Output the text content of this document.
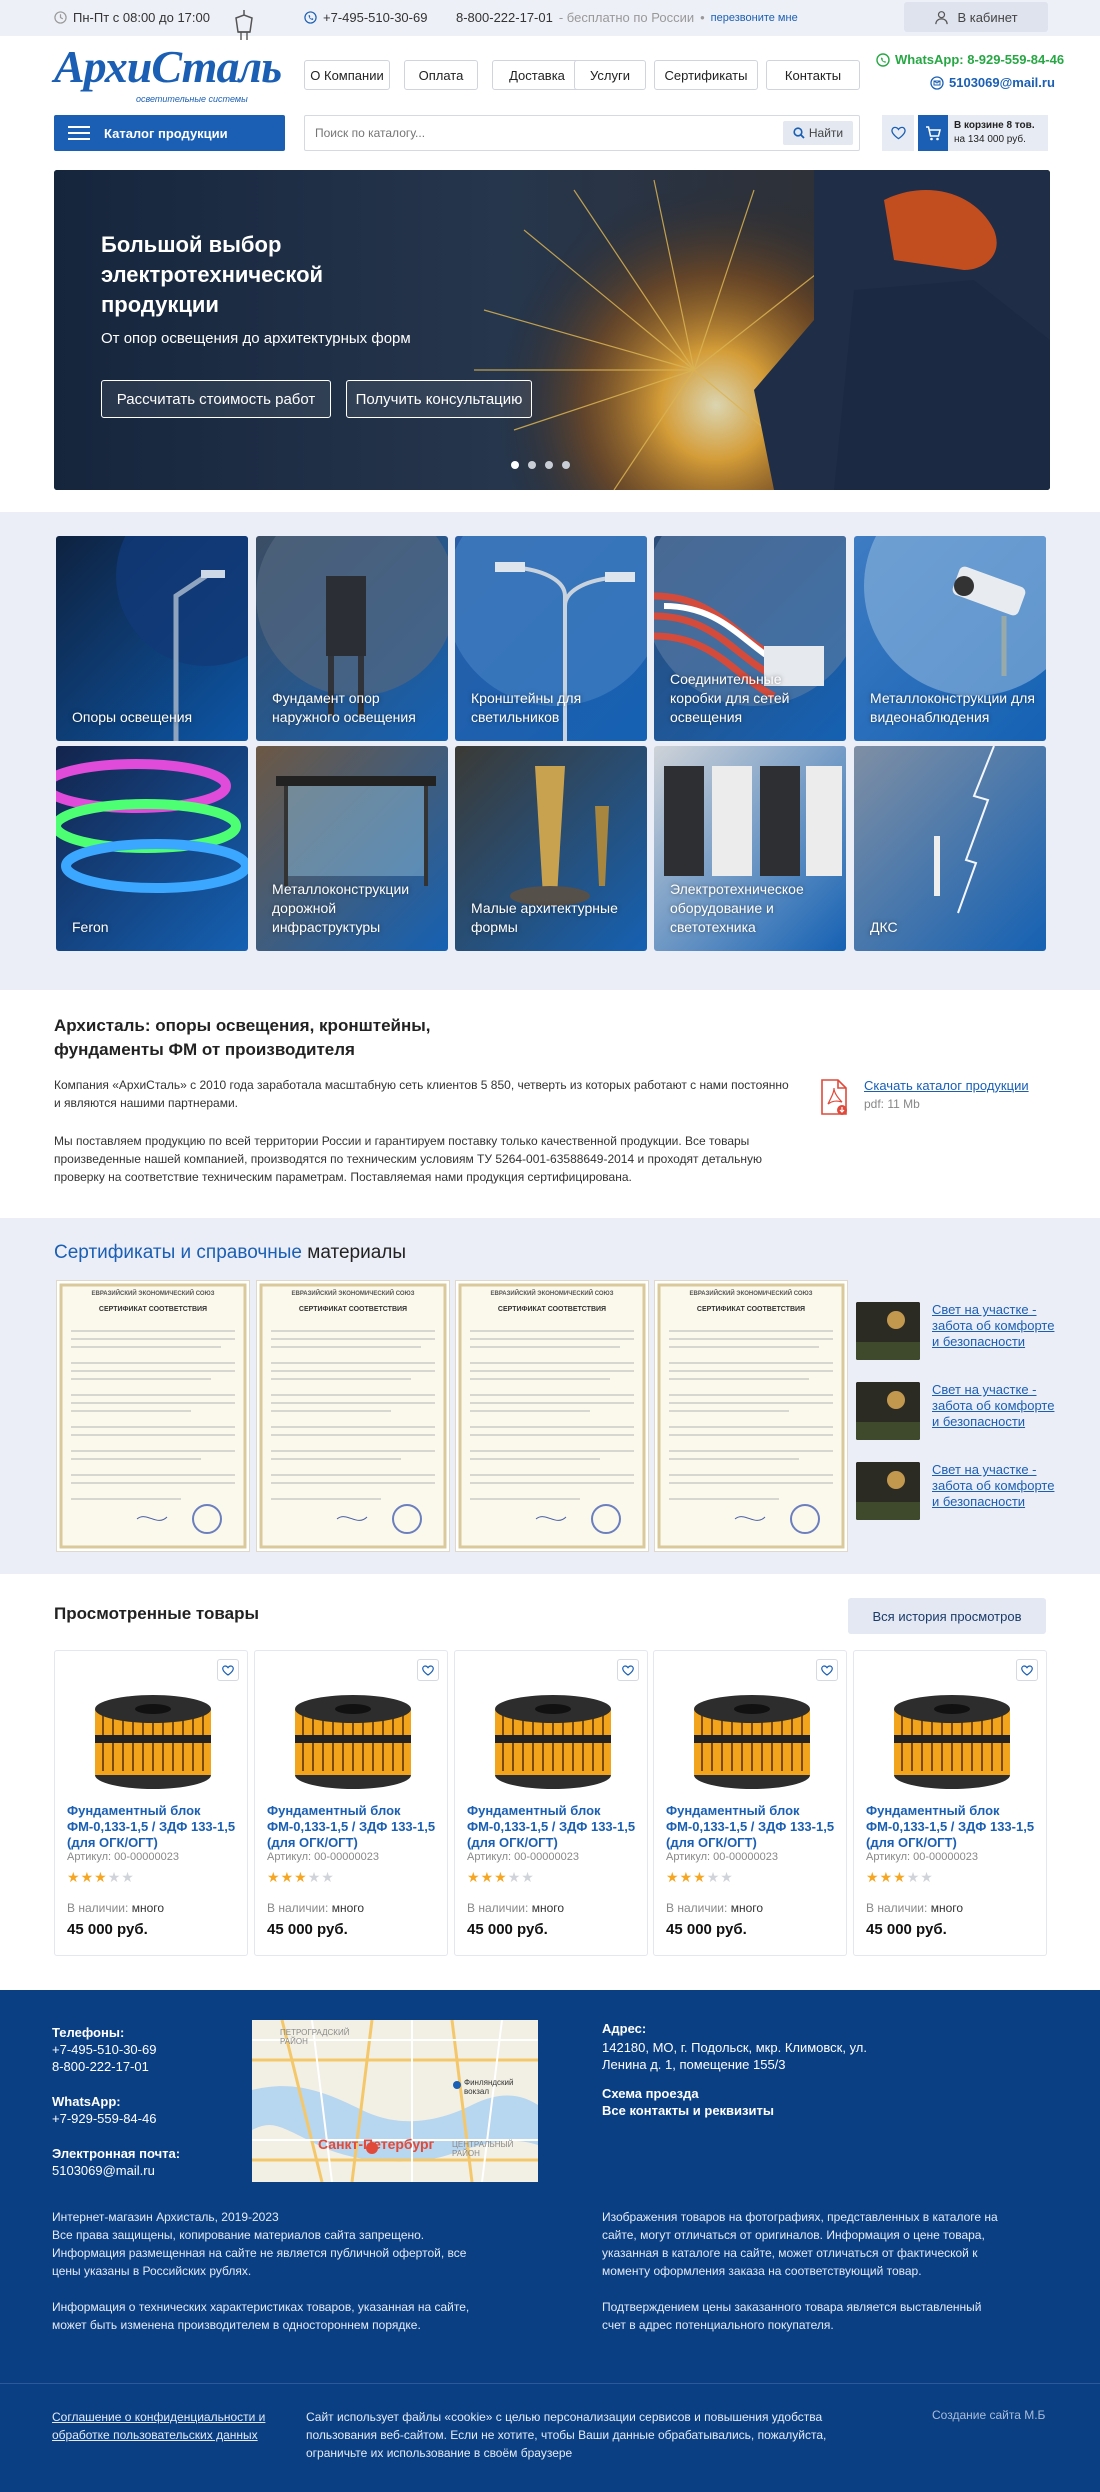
Пн-Пт с 08:00 до 17:00	+7-495-510-30-69 8-800-222-17-01 - бесплатно по России • перезвоните мне	В кабинет
АрхиСталь
осветительные системы
О Компании	Оплата	Доставка	Услуги	Сертификаты	Контакты
WhatsApp: 8-929-559-84-46
5103069@mail.ru
Каталог продукции
Поиск по каталогу...	Найти
В корзине 8 тов.
на 134 000 руб.
Большой выбор электротехнической продукции
От опор освещения до архитектурных форм
Рассчитать стоимость работ	Получить консультацию
Опоры освещения
Фундамент опор наружного освещения
Кронштейны для светильников
Соединительные коробки для сетей освещения
Металлоконструкции для видеонаблюдения
Feron
Металлоконструкции дорожной инфраструктуры
Малые архитектурные формы
Электротехническое оборудование и светотехника	ДКС
Архисталь: опоры освещения, кронштейны, фундаменты ФМ от производителя
Компания «АрхиСталь» с 2010 года заработала масштабную сеть клиентов 5 850, четверть из которых работают с нами постоянно и являются нашими партнерами.
Мы поставляем продукцию по всей территории России и гарантируем поставку только качественной продукции. Все товары произведенные нашей компанией, производятся по техническим условиям ТУ 5264-001-63588649-2014 и проходят детальную проверку на соответствие техническим параметрам. Поставляемая нами продукция сертифицирована.
Скачать каталог продукции
pdf: 11 Mb
Сертификаты и справочные материалы
ЕВРАЗИЙСКИЙ ЭКОНОМИЧЕСКИЙ СОЮЗ
СЕРТИФИКАТ СООТВЕТСТВИЯ
ЕВРАЗИЙСКИЙ ЭКОНОМИЧЕСКИЙ СОЮЗ
СЕРТИФИКАТ СООТВЕТСТВИЯ
ЕВРАЗИЙСКИЙ ЭКОНОМИЧЕСКИЙ СОЮЗ
СЕРТИФИКАТ СООТВЕТСТВИЯ
ЕВРАЗИЙСКИЙ ЭКОНОМИЧЕСКИЙ СОЮЗ
СЕРТИФИКАТ СООТВЕТСТВИЯ	Свет на участке - забота об комфорте и безопасности
Свет на участке - забота об комфорте и безопасности
Свет на участке - забота об комфорте и безопасности
Просмотренные товары	Вся история просмотров
Фундаментный блок ФМ-0,133-1,5 / ЗДФ 133-1,5 (для ОГК/ОГТ)
Артикул: 00-00000023
★★★★★
В наличии: много
45 000 руб.
Фундаментный блок ФМ-0,133-1,5 / ЗДФ 133-1,5 (для ОГК/ОГТ)
Артикул: 00-00000023
★★★★★
В наличии: много
45 000 руб.
Фундаментный блок ФМ-0,133-1,5 / ЗДФ 133-1,5 (для ОГК/ОГТ)
Артикул: 00-00000023
★★★★★
В наличии: много
45 000 руб.
Фундаментный блок ФМ-0,133-1,5 / ЗДФ 133-1,5 (для ОГК/ОГТ)
Артикул: 00-00000023
★★★★★
В наличии: много
45 000 руб.
Фундаментный блок ФМ-0,133-1,5 / ЗДФ 133-1,5 (для ОГК/ОГТ)
Артикул: 00-00000023
★★★★★
В наличии: много
45 000 руб.
Телефоны:
+7-495-510-30-69
8-800-222-17-01
WhatsApp:
+7-929-559-84-46
Электронная почта:
5103069@mail.ru
ПЕТРОГРАДСКИЙ РАЙОН
ЦЕНТРАЛЬНЫЙ РАЙОН
Финляндский вокзал
Санкт-Петербург
Адрес:
142180, МО, г. Подольск, мкр. Климовск, ул. Ленина д. 1, помещение 155/3
Схема проезда
Все контакты и реквизиты
Интернет-магазин Архисталь, 2019-2023
Все права защищены, копирование материалов сайта запрещено. Информация размещенная на сайте не является публичной офертой, все цены указаны в Российских рублях.
Информация о технических характеристиках товаров, указанная на сайте, может быть изменена производителем в одностороннем порядке.
Изображения товаров на фотографиях, представленных в каталоге на сайте, могут отличаться от оригиналов. Информация о цене товара, указанная в каталоге на сайте, может отличаться от фактической к моменту оформления заказа на соответствующий товар.
Подтверждением цены заказанного товара является выставленный счет в адрес потенциального покупателя.
Соглашение о конфиденциальности и обработке пользовательских данных
Сайт использует файлы «cookie» с целью персонализации сервисов и повышения удобства пользования веб-сайтом. Если не хотите, чтобы Ваши данные обрабатывались, пожалуйста, ограничьте их использование в своём браузере
Создание сайта М.Б
